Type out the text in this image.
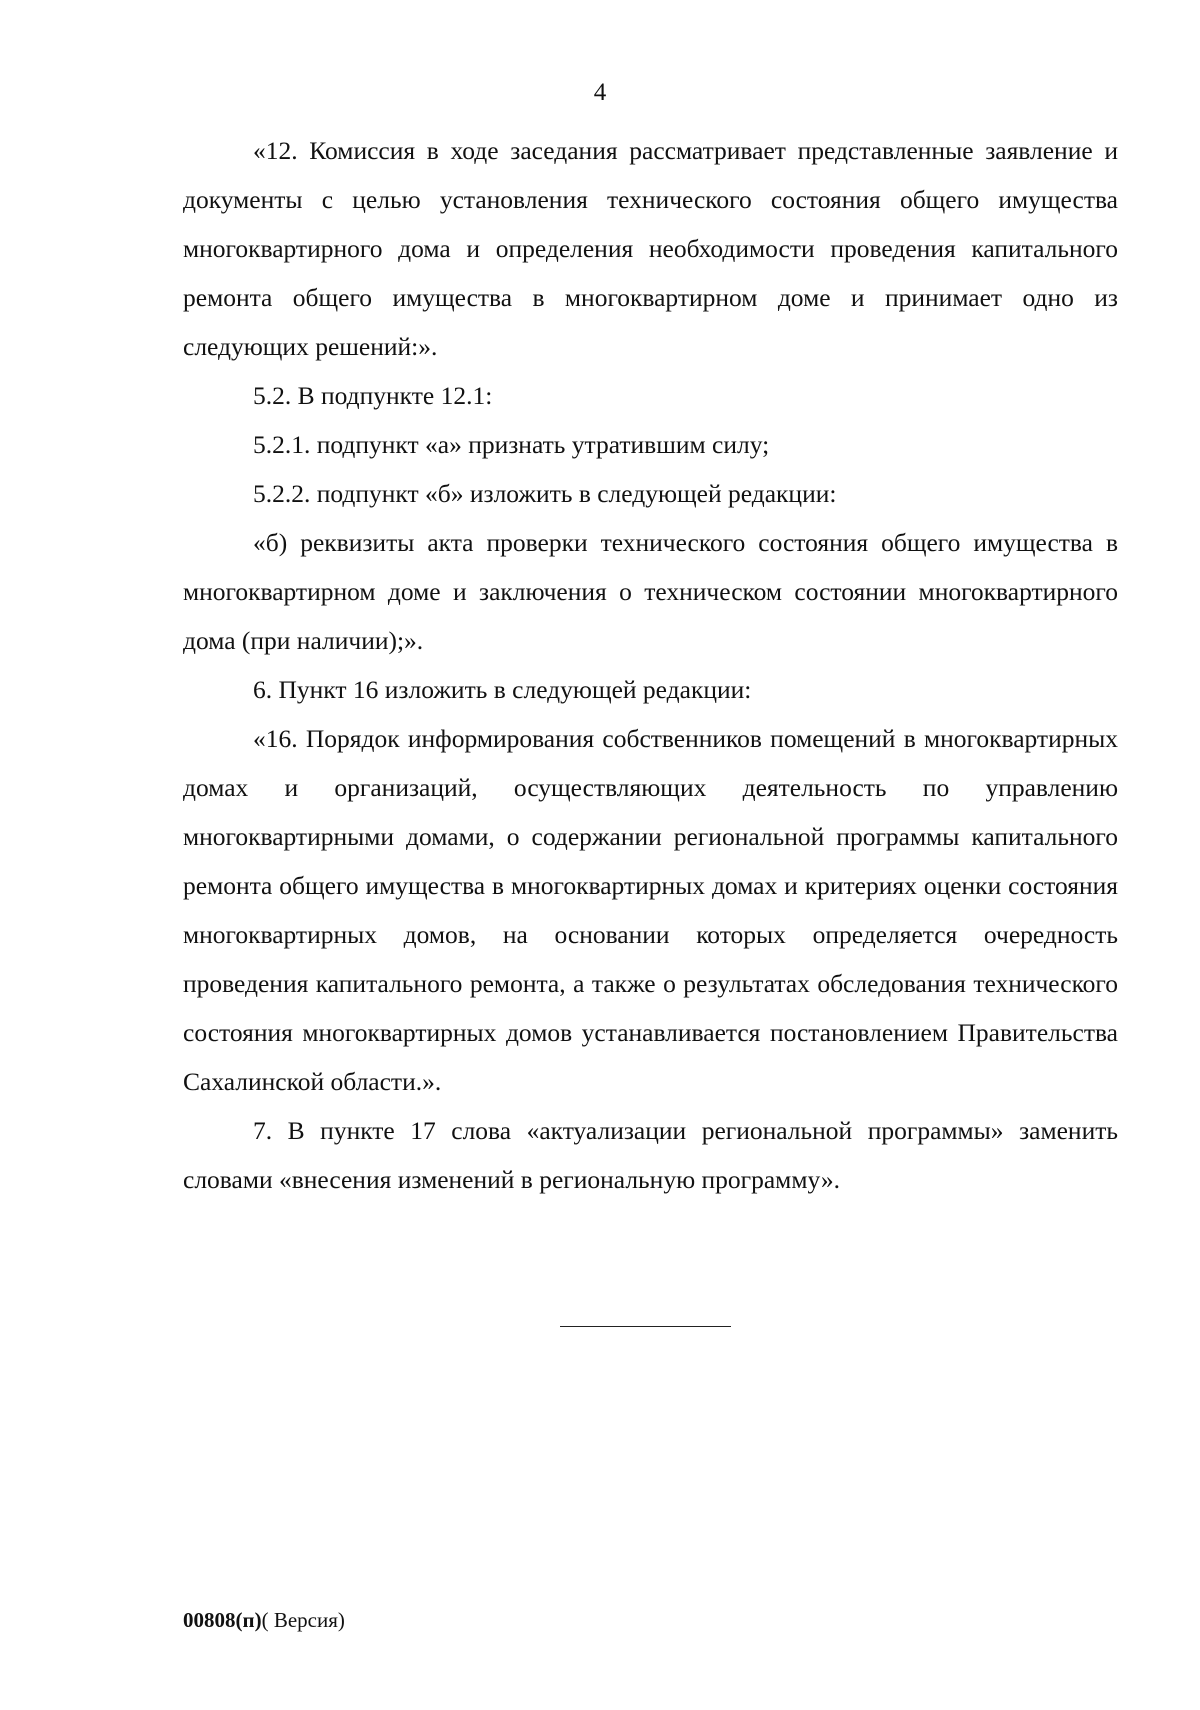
4

«12. Комиссия в ходе заседания рассматривает представленные заявление и документы с целью установления технического состояния общего имущества многоквартирного дома и определения необходимости проведения капитального ремонта общего имущества в многоквартирном доме и принимает одно из следующих решений:».

5.2. В подпункте 12.1:

5.2.1. подпункт «а» признать утратившим силу;

5.2.2. подпункт «б» изложить в следующей редакции:

«б) реквизиты акта проверки технического состояния общего имущества в многоквартирном доме и заключения о техническом состоянии многоквартирного дома (при наличии);».

6. Пункт 16 изложить в следующей редакции:

«16. Порядок информирования собственников помещений в многоквартирных домах и организаций, осуществляющих деятельность по управлению многоквартирными домами, о содержании региональной программы капитального ремонта общего имущества в многоквартирных домах и критериях оценки состояния многоквартирных домов, на основании которых определяется очередность проведения капитального ремонта, а также о результатах обследования технического состояния многоквартирных домов устанавливается постановлением Правительства Сахалинской области.».

7. В пункте 17 слова «актуализации региональной программы» заменить словами «внесения изменений в региональную программу».

00808(п)( Версия)
